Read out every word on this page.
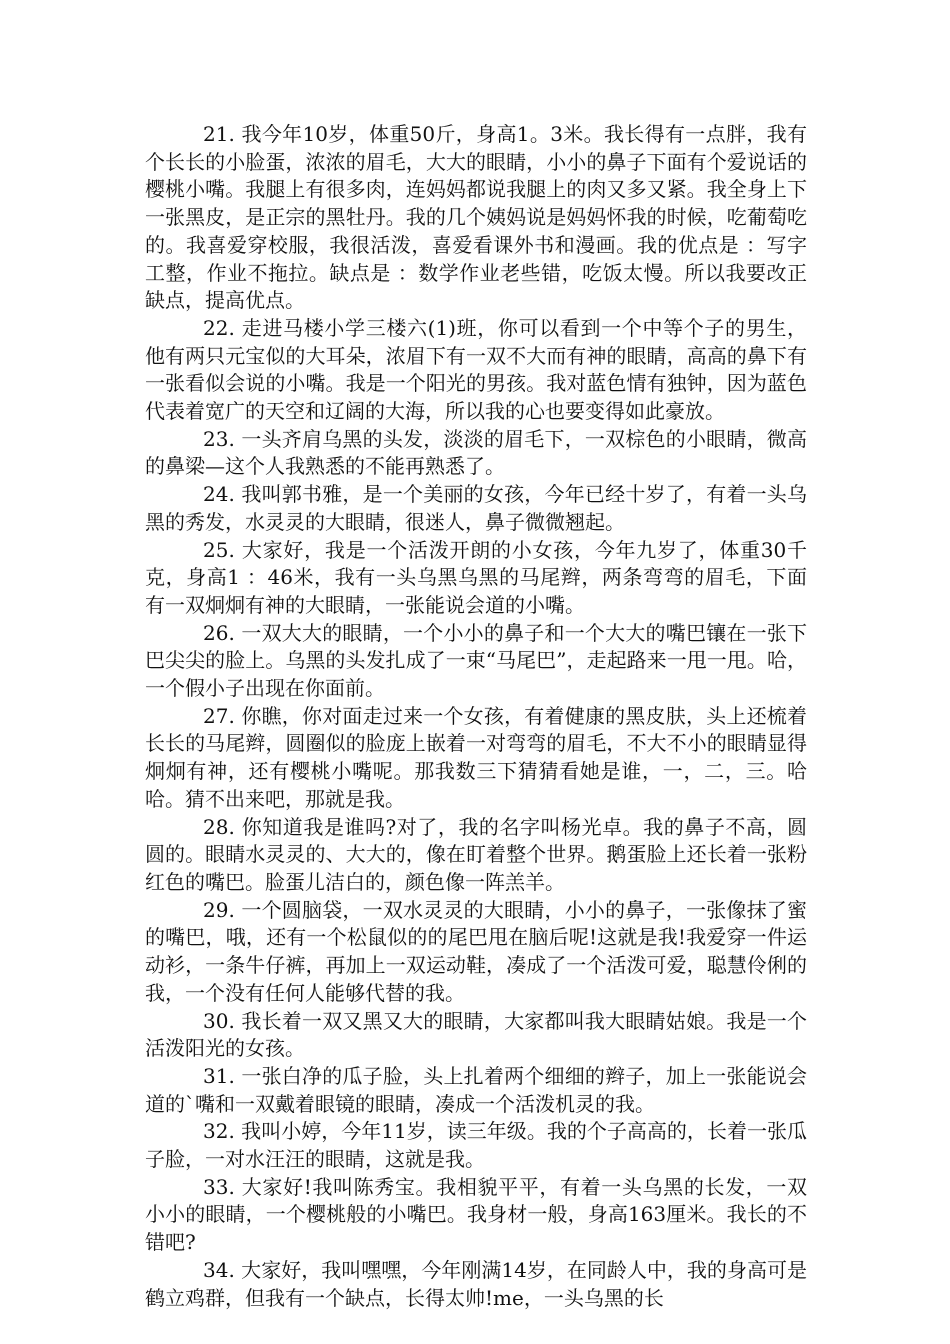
21. 我今年10岁，体重50斤，身高1。3米。我长得有一点胖，我有个长长的小脸蛋，浓浓的眉毛，大大的眼睛，小小的鼻子下面有个爱说话的樱桃小嘴。我腿上有很多肉，连妈妈都说我腿上的肉又多又紧。我全身上下一张黑皮，是正宗的黑牡丹。我的几个姨妈说是妈妈怀我的时候，吃葡萄吃的。我喜爱穿校服，我很活泼，喜爱看课外书和漫画。我的优点是 ：写字工整，作业不拖拉。缺点是 ：数学作业老些错，吃饭太慢。所以我要改正缺点，提高优点。

22. 走进马楼小学三楼六(1)班，你可以看到一个中等个子的男生，他有两只元宝似的大耳朵，浓眉下有一双不大而有神的眼睛，高高的鼻下有一张看似会说的小嘴。我是一个阳光的男孩。我对蓝色情有独钟，因为蓝色代表着宽广的天空和辽阔的大海，所以我的心也要变得如此豪放。

23. 一头齐肩乌黑的头发，淡淡的眉毛下，一双棕色的小眼睛，微高的鼻梁—这个人我熟悉的不能再熟悉了。

24. 我叫郭书雅，是一个美丽的女孩，今年已经十岁了，有着一头乌黑的秀发，水灵灵的大眼睛，很迷人，鼻子微微翘起。

25. 大家好，我是一个活泼开朗的小女孩，今年九岁了，体重30千克，身高1 ：46米，我有一头乌黑乌黑的马尾辫，两条弯弯的眉毛，下面有一双炯炯有神的大眼睛，一张能说会道的小嘴。

26. 一双大大的眼睛，一个小小的鼻子和一个大大的嘴巴镶在一张下巴尖尖的脸上。乌黑的头发扎成了一束“马尾巴”，走起路来一甩一甩。哈，一个假小子出现在你面前。

27. 你瞧，你对面走过来一个女孩，有着健康的黑皮肤，头上还梳着长长的马尾辫，圆圈似的脸庞上嵌着一对弯弯的眉毛，不大不小的眼睛显得炯炯有神，还有樱桃小嘴呢。那我数三下猜猜看她是谁，一，二，三。哈哈。猜不出来吧，那就是我。

28. 你知道我是谁吗?对了，我的名字叫杨光卓。我的鼻子不高，圆圆的。眼睛水灵灵的、大大的，像在盯着整个世界。鹅蛋脸上还长着一张粉红色的嘴巴。脸蛋儿洁白的，颜色像一阵羔羊。

29. 一个圆脑袋，一双水灵灵的大眼睛，小小的鼻子，一张像抹了蜜的嘴巴，哦，还有一个松鼠似的的尾巴甩在脑后呢!这就是我!我爱穿一件运动衫，一条牛仔裤，再加上一双运动鞋，凑成了一个活泼可爱，聪慧伶俐的我，一个没有任何人能够代替的我。

30. 我长着一双又黑又大的眼睛，大家都叫我大眼睛姑娘。我是一个活泼阳光的女孩。

31. 一张白净的瓜子脸，头上扎着两个细细的辫子，加上一张能说会道的`嘴和一双戴着眼镜的眼睛，凑成一个活泼机灵的我。

32. 我叫小婷，今年11岁，读三年级。我的个子高高的，长着一张瓜子脸，一对水汪汪的眼睛，这就是我。

33. 大家好!我叫陈秀宝。我相貌平平，有着一头乌黑的长发，一双小小的眼睛，一个樱桃般的小嘴巴。我身材一般，身高163厘米。我长的不错吧?

34. 大家好，我叫嘿嘿，今年刚满14岁，在同龄人中，我的身高可是鹤立鸡群，但我有一个缺点，长得太帅!me，一头乌黑的长
